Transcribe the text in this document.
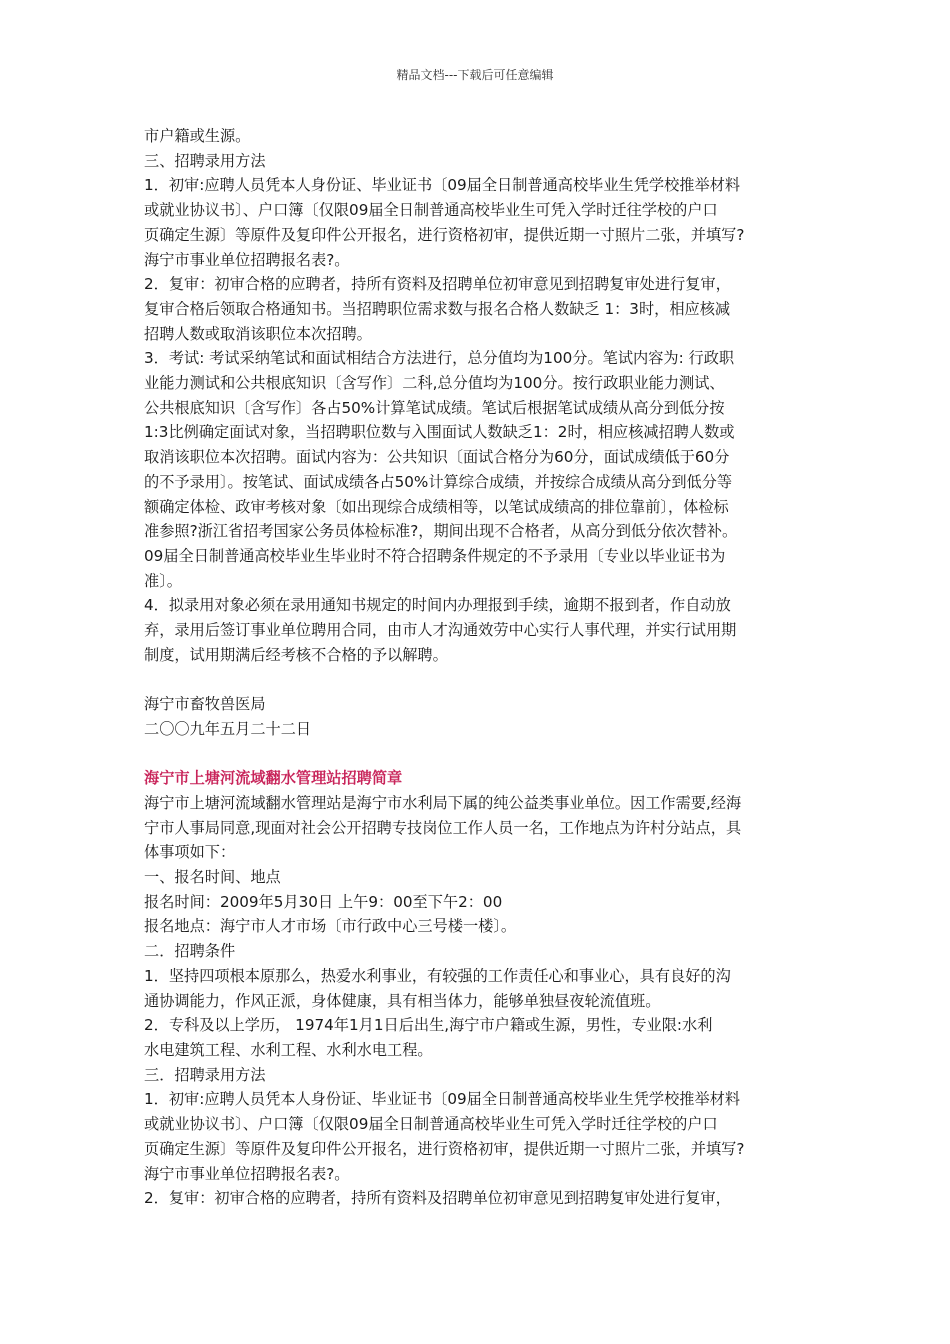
精品文档---下载后可任意编辑

市户籍或生源。

三、招聘录用方法

1．初审:应聘人员凭本人身份证、毕业证书〔09届全日制普通高校毕业生凭学校推举材料

或就业协议书〕、户口簿〔仅限09届全日制普通高校毕业生可凭入学时迁往学校的户口

页确定生源〕等原件及复印件公开报名，进行资格初审，提供近期一寸照片二张，并填写?

海宁市事业单位招聘报名表?。

2．复审：初审合格的应聘者，持所有资料及招聘单位初审意见到招聘复审处进行复审，

复审合格后领取合格通知书。当招聘职位需求数与报名合格人数缺乏 1：3时，相应核减

招聘人数或取消该职位本次招聘。

3．考试: 考试采纳笔试和面试相结合方法进行，总分值均为100分。笔试内容为: 行政职

业能力测试和公共根底知识〔含写作〕二科,总分值均为100分。按行政职业能力测试、

公共根底知识〔含写作〕各占50%计算笔试成绩。笔试后根据笔试成绩从高分到低分按

1:3比例确定面试对象，当招聘职位数与入围面试人数缺乏1：2时，相应核减招聘人数或

取消该职位本次招聘。面试内容为：公共知识〔面试合格分为60分，面试成绩低于60分

的不予录用〕。按笔试、面试成绩各占50%计算综合成绩，并按综合成绩从高分到低分等

额确定体检、政审考核对象〔如出现综合成绩相等，以笔试成绩高的排位靠前〕，体检标

准参照?浙江省招考国家公务员体检标准?，期间出现不合格者，从高分到低分依次替补。

09届全日制普通高校毕业生毕业时不符合招聘条件规定的不予录用〔专业以毕业证书为

准〕。

4．拟录用对象必须在录用通知书规定的时间内办理报到手续，逾期不报到者，作自动放

弃，录用后签订事业单位聘用合同，由市人才沟通效劳中心实行人事代理，并实行试用期

制度，试用期满后经考核不合格的予以解聘。

海宁市畜牧兽医局

二〇〇九年五月二十二日

海宁市上塘河流域翻水管理站招聘简章

海宁市上塘河流域翻水管理站是海宁市水利局下属的纯公益类事业单位。因工作需要,经海

宁市人事局同意,现面对社会公开招聘专技岗位工作人员一名，工作地点为许村分站点，具

体事项如下：

一、报名时间、地点

报名时间：2009年5月30日 上午9：00至下午2：00

报名地点：海宁市人才市场〔市行政中心三号楼一楼〕。

二．招聘条件

1．坚持四项根本原那么，热爱水利事业，有较强的工作责任心和事业心，具有良好的沟

通协调能力，作风正派，身体健康，具有相当体力，能够单独昼夜轮流值班。

2．专科及以上学历， 1974年1月1日后出生,海宁市户籍或生源，男性，专业限:水利

水电建筑工程、水利工程、水利水电工程。

三．招聘录用方法

1．初审:应聘人员凭本人身份证、毕业证书〔09届全日制普通高校毕业生凭学校推举材料

或就业协议书〕、户口簿〔仅限09届全日制普通高校毕业生可凭入学时迁往学校的户口

页确定生源〕等原件及复印件公开报名，进行资格初审，提供近期一寸照片二张，并填写?

海宁市事业单位招聘报名表?。

2．复审：初审合格的应聘者，持所有资料及招聘单位初审意见到招聘复审处进行复审，
